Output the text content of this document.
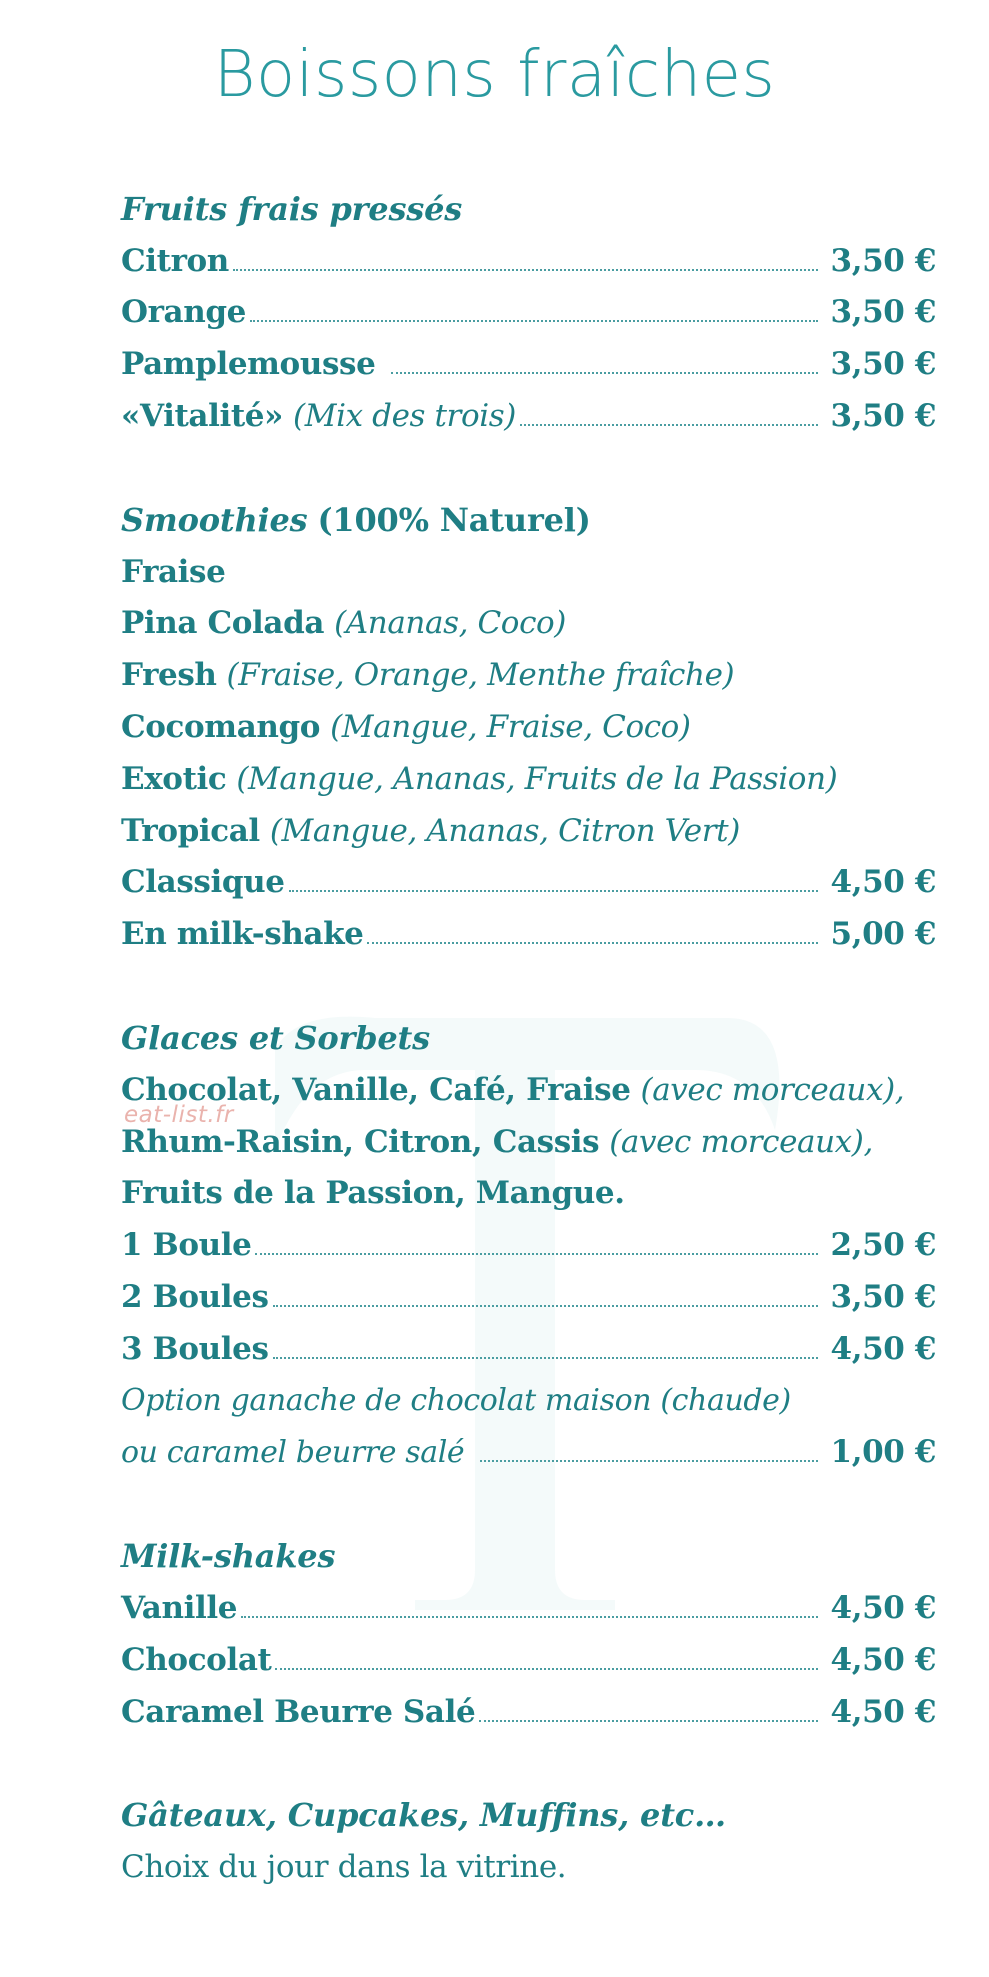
eat-list.fr
Boissons fraîches
Fruits frais pressés
Citron	3,50 €
Orange	3,50 €
Pamplemousse	3,50 €
«Vitalité» (Mix des trois)	3,50 €
Smoothies (100% Naturel)
Fraise
Pina Colada (Ananas, Coco)
Fresh (Fraise, Orange, Menthe fraîche)
Cocomango (Mangue, Fraise, Coco)
Exotic (Mangue, Ananas, Fruits de la Passion)
Tropical (Mangue, Ananas, Citron Vert)
Classique	4,50 €
En milk-shake	5,00 €
Glaces et Sorbets
Chocolat, Vanille, Café, Fraise (avec morceaux),
Rhum-Raisin, Citron, Cassis (avec morceaux),
Fruits de la Passion, Mangue.
1 Boule	2,50 €
2 Boules	3,50 €
3 Boules	4,50 €
Option ganache de chocolat maison (chaude)
ou caramel beurre salé	1,00 €
Milk-shakes
Vanille	4,50 €
Chocolat	4,50 €
Caramel Beurre Salé	4,50 €
Gâteaux, Cupcakes, Muffins, etc…
Choix du jour dans la vitrine.
